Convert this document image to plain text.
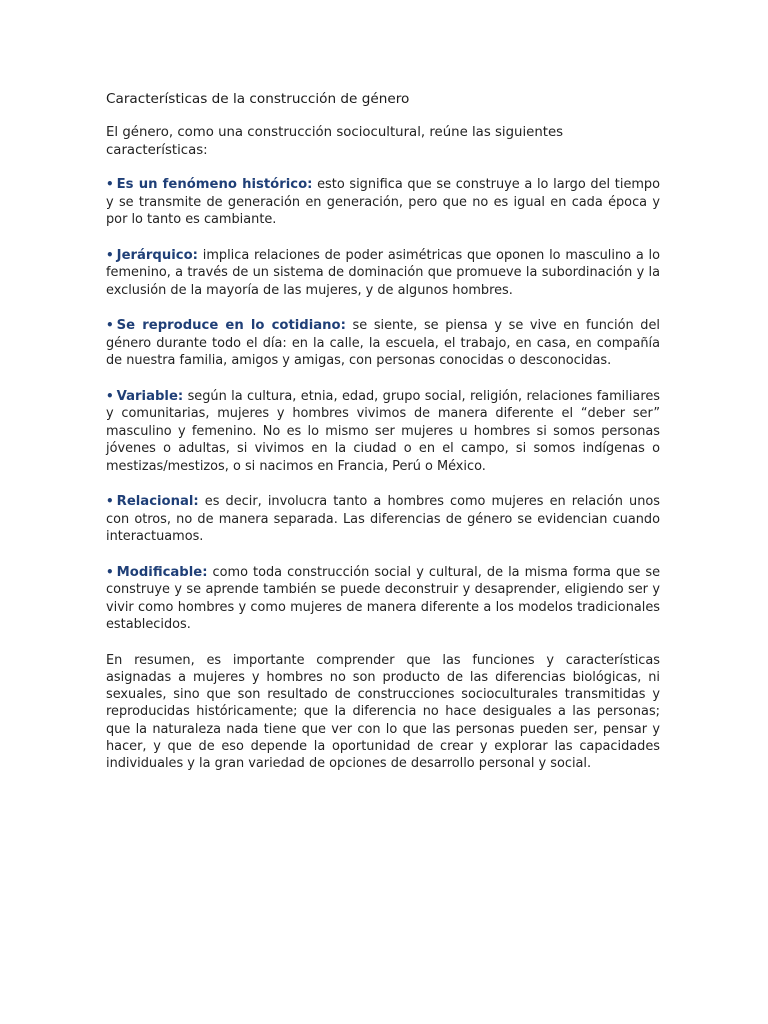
Características de la construcción de género

El género, como una construcción sociocultural, reúne las siguientes características:

• Es un fenómeno histórico: esto significa que se construye a lo largo del tiempo y se transmite de generación en generación, pero que no es igual en cada época y por lo tanto es cambiante.

• Jerárquico: implica relaciones de poder asimétricas que oponen lo masculino a lo femenino, a través de un sistema de dominación que promueve la subordinación y la exclusión de la mayoría de las mujeres, y de algunos hombres.

• Se reproduce en lo cotidiano: se siente, se piensa y se vive en función del género durante todo el día: en la calle, la escuela, el trabajo, en casa, en compañía de nuestra familia, amigos y amigas, con personas conocidas o desconocidas.

• Variable: según la cultura, etnia, edad, grupo social, religión, relaciones familiares y comunitarias, mujeres y hombres vivimos de manera diferente el “deber ser” masculino y femenino. No es lo mismo ser mujeres u hombres si somos personas jóvenes o adultas, si vivimos en la ciudad o en el campo, si somos indígenas o mestizas/mestizos, o si nacimos en Francia, Perú o México.

• Relacional: es decir, involucra tanto a hombres como mujeres en relación unos con otros, no de manera separada. Las diferencias de género se evidencian cuando interactuamos.

• Modificable: como toda construcción social y cultural, de la misma forma que se construye y se aprende también se puede deconstruir y desaprender, eligiendo ser y vivir como hombres y como mujeres de manera diferente a los modelos tradicionales establecidos.

En resumen, es importante comprender que las funciones y características asignadas a mujeres y hombres no son producto de las diferencias biológicas, ni sexuales, sino que son resultado de construcciones socioculturales transmitidas y reproducidas históricamente; que la diferencia no hace desiguales a las personas; que la naturaleza nada tiene que ver con lo que las personas pueden ser, pensar y hacer, y que de eso depende la oportunidad de crear y explorar las capacidades individuales y la gran variedad de opciones de desarrollo personal y social.
